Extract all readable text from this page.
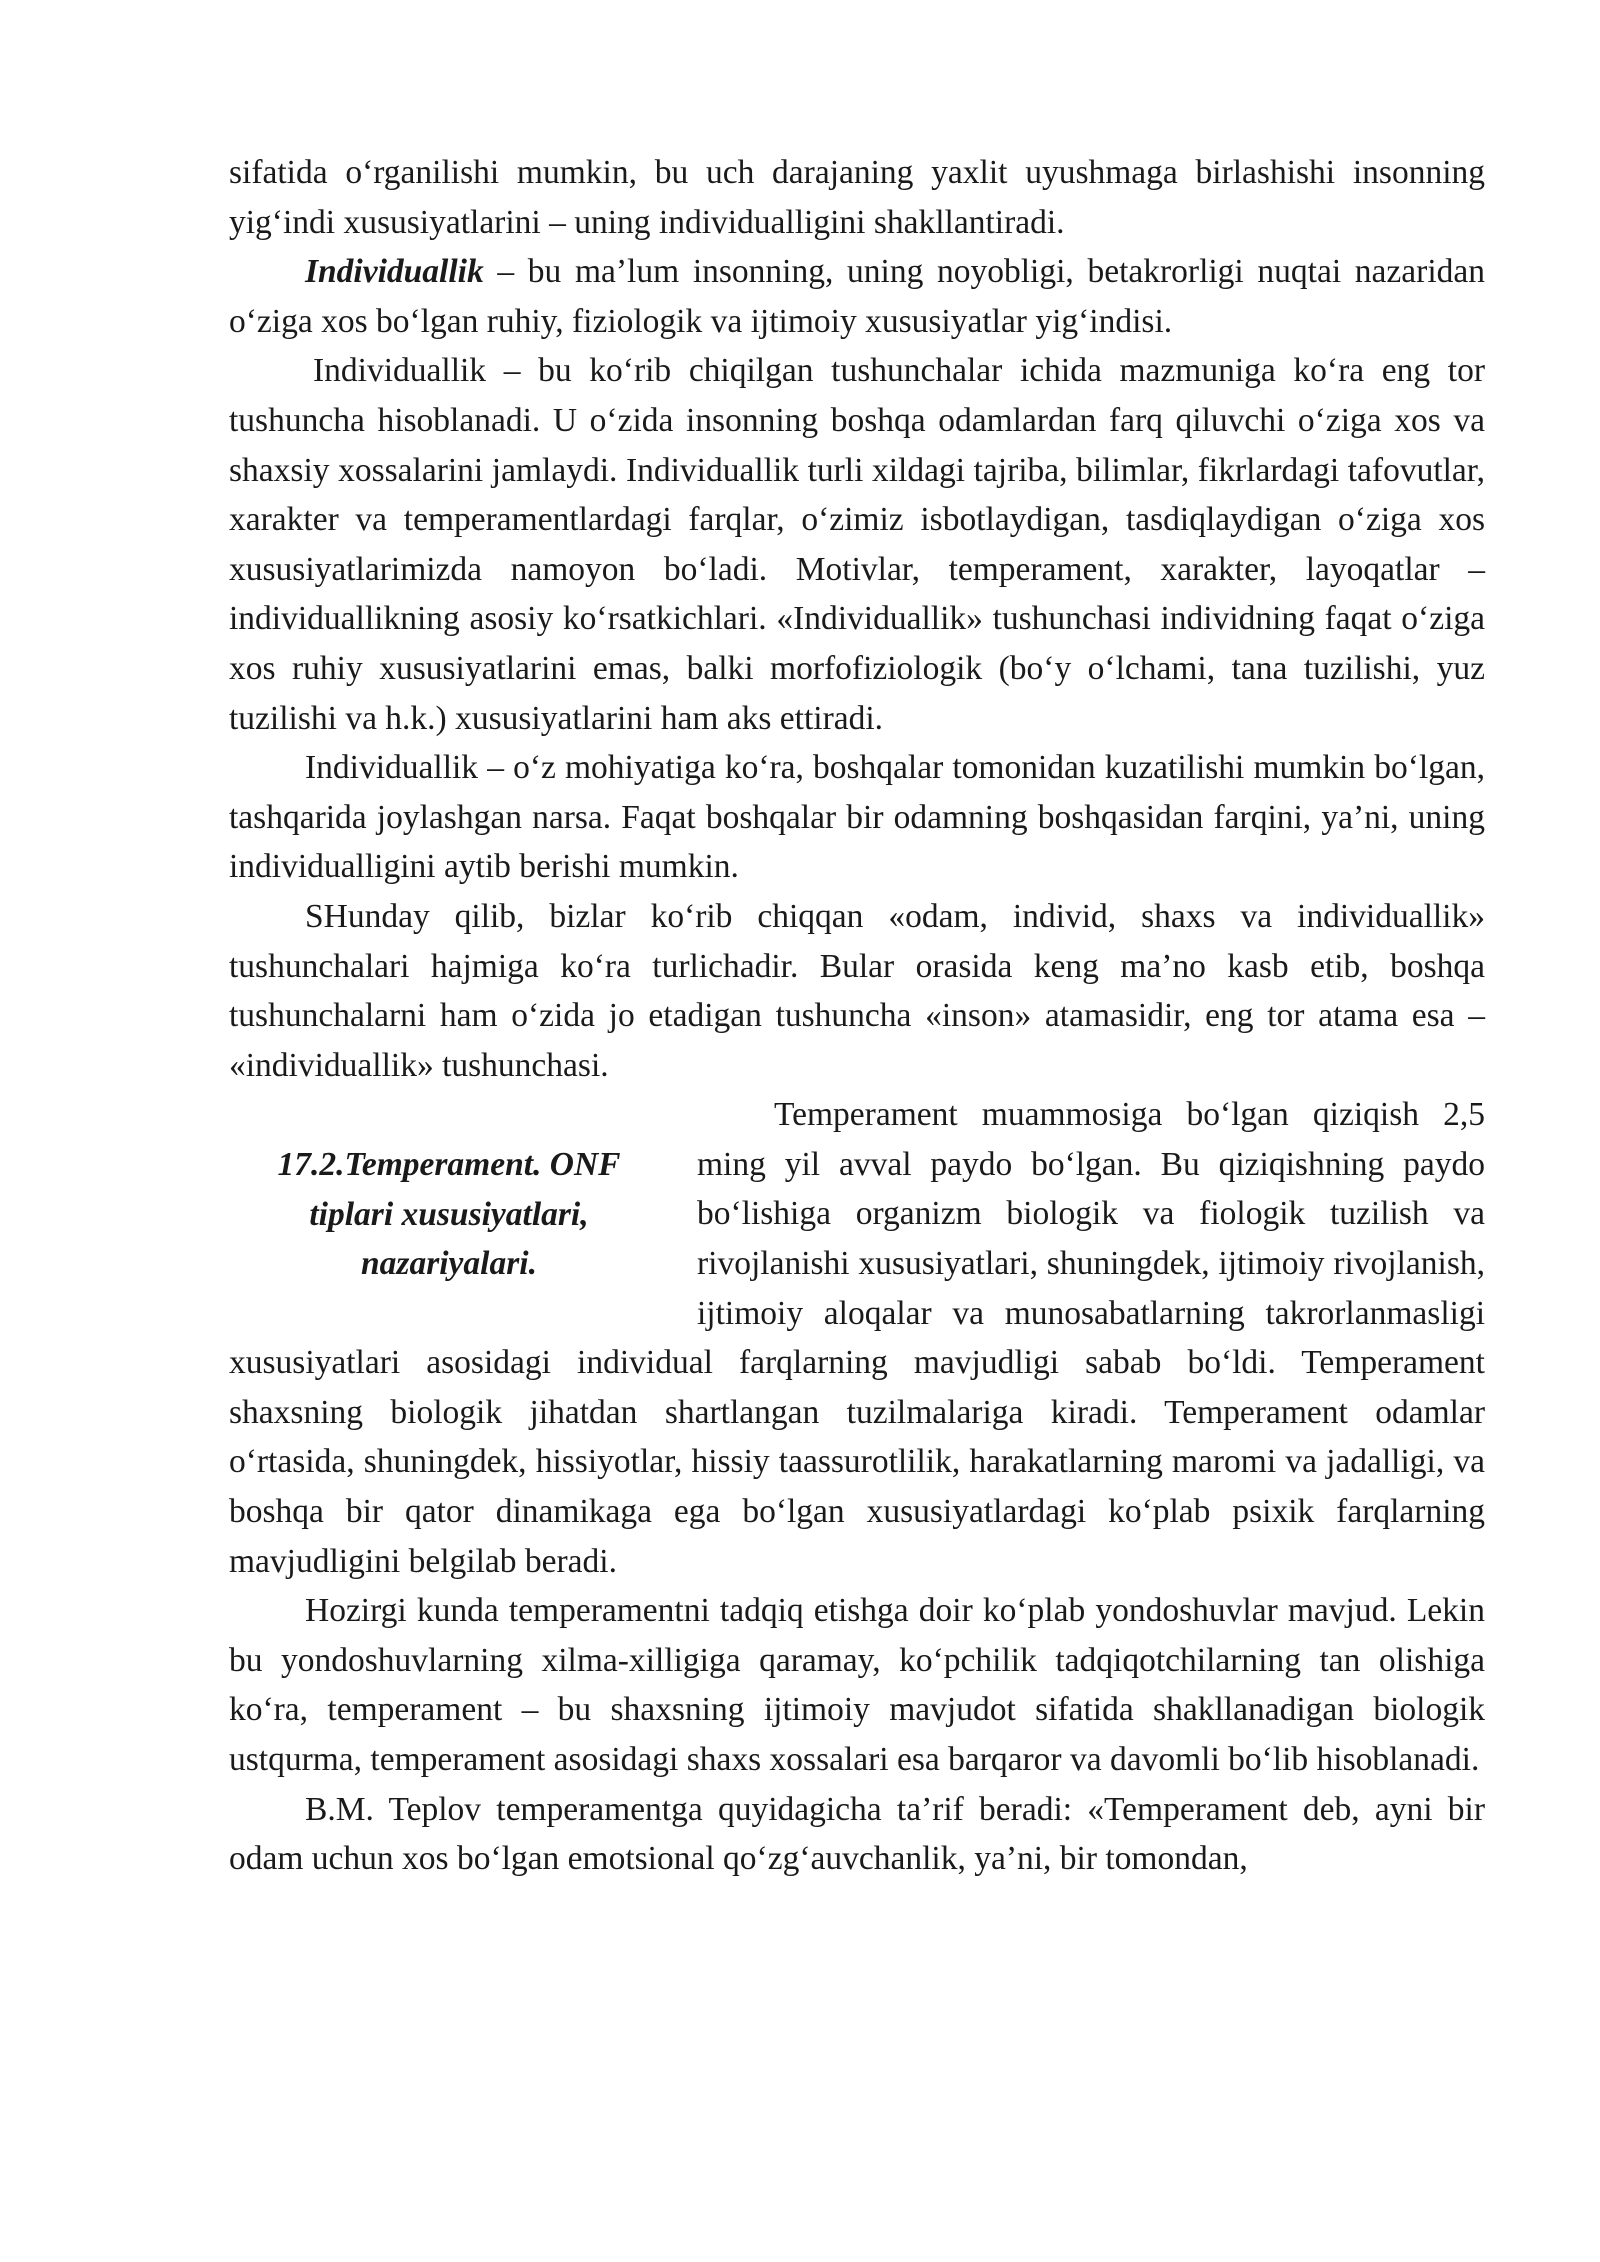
sifatida o‘rganilishi mumkin, bu uch darajaning yaxlit uyushmaga birlashishi insonning yig‘indi xususiyatlarini – uning individualligini shakllantiradi.

Individuallik – bu ma’lum insonning, uning noyobligi, betakrorligi nuqtai nazaridan o‘ziga xos bo‘lgan ruhiy, fiziologik va ijtimoiy xususiyatlar yig‘indisi.

Individuallik – bu ko‘rib chiqilgan tushunchalar ichida mazmuniga ko‘ra eng tor tushuncha hisoblanadi. U o‘zida insonning boshqa odamlardan farq qiluvchi o‘ziga xos va shaxsiy xossalarini jamlaydi. Individuallik turli xildagi tajriba, bilimlar, fikrlardagi tafovutlar, xarakter va temperamentlardagi farqlar, o‘zimiz isbotlaydigan, tasdiqlaydigan o‘ziga xos xususiyatlarimizda namoyon bo‘ladi. Motivlar, temperament, xarakter, layoqatlar – individuallikning asosiy ko‘rsatkichlari. «Individuallik» tushunchasi individning faqat o‘ziga xos ruhiy xususiyatlarini emas, balki morfofiziologik (bo‘y o‘lchami, tana tuzilishi, yuz tuzilishi va h.k.) xususiyatlarini ham aks ettiradi.

Individuallik – o‘z mohiyatiga ko‘ra, boshqalar tomonidan kuzatilishi mumkin bo‘lgan, tashqarida joylashgan narsa. Faqat boshqalar bir odamning boshqasidan farqini, ya’ni, uning individualligini aytib berishi mumkin.

SHunday qilib, bizlar ko‘rib chiqqan «odam, individ, shaxs va individuallik» tushunchalari hajmiga ko‘ra turlichadir. Bular orasida keng ma’no kasb etib, boshqa tushunchalarni ham o‘zida jo etadigan tushuncha «inson» atamasidir, eng tor atama esa – «individuallik» tushunchasi.

17.2.Temperament. ONF
tiplari xususiyatlari,
nazariyalari.

Temperament muammosiga bo‘lgan qiziqish 2,5 ming yil avval paydo bo‘lgan. Bu qiziqishning paydo bo‘lishiga organizm biologik va fiologik tuzilish va rivojlanishi xususiyatlari, shuningdek, ijtimoiy rivojlanish, ijtimoiy aloqalar va munosabatlarning takrorlanmasligi xususiyatlari asosidagi individual farqlarning mavjudligi sabab bo‘ldi. Temperament shaxsning biologik jihatdan shartlangan tuzilmalariga kiradi. Temperament odamlar o‘rtasida, shuningdek, hissiyotlar, hissiy taassurotlilik, harakatlarning maromi va jadalligi, va boshqa bir qator dinamikaga ega bo‘lgan xususiyatlardagi ko‘plab psixik farqlarning mavjudligini belgilab beradi.

Hozirgi kunda temperamentni tadqiq etishga doir ko‘plab yondoshuvlar mavjud. Lekin bu yondoshuvlarning xilma-xilligiga qaramay, ko‘pchilik tadqiqotchilarning tan olishiga ko‘ra, temperament – bu shaxsning ijtimoiy mavjudot sifatida shakllanadigan biologik ustqurma, temperament asosidagi shaxs xossalari esa barqaror va davomli bo‘lib hisoblanadi.

B.M. Teplov temperamentga quyidagicha ta’rif beradi: «Temperament deb, ayni bir odam uchun xos bo‘lgan emotsional qo‘zg‘auvchanlik, ya’ni, bir tomondan,
